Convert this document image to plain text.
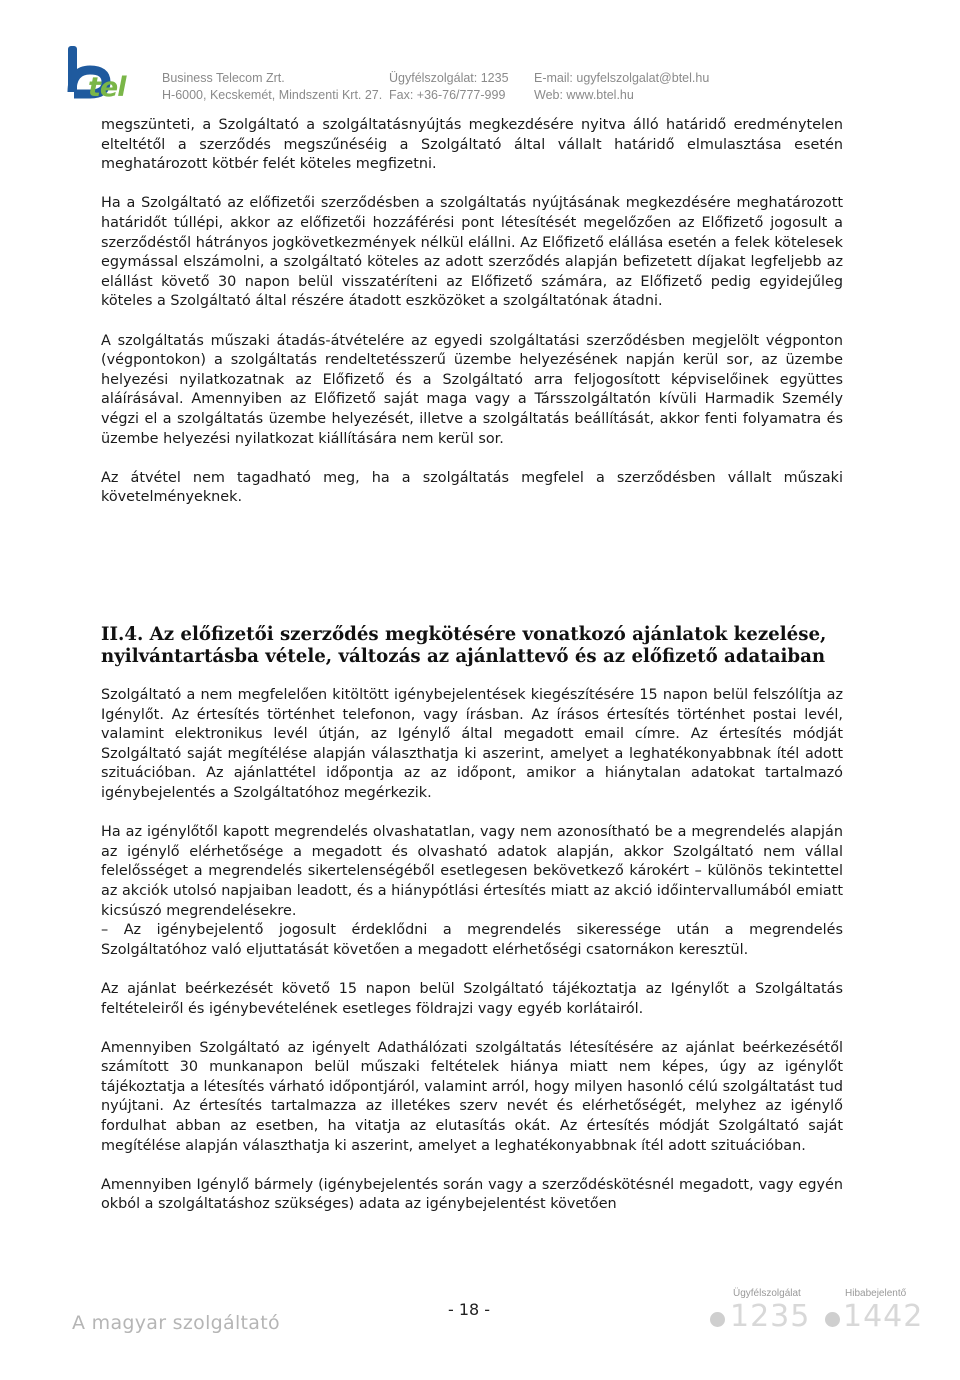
tel	Business Telecom Zrt.
H-6000, Kecskemét, Mindszenti Krt. 27.
Ügyfélszolgálat: 1235
Fax: +36-76/777-999
E-mail: ugyfelszolgalat@btel.hu
Web: www.btel.hu

megszünteti, a Szolgáltató a szolgáltatásnyújtás megkezdésére nyitva álló határidő eredménytelen elteltétől a szerződés megszűnéséig a Szolgáltató által vállalt határidő elmulasztása esetén meghatározott kötbér felét köteles megfizetni.

Ha a Szolgáltató az előfizetői szerződésben a szolgáltatás nyújtásának megkezdésére meghatározott határidőt túllépi, akkor az előfizetői hozzáférési pont létesítését megelőzően az Előfizető jogosult a szerződéstől hátrányos jogkövetkezmények nélkül elállni. Az Előfizető elállása esetén a felek kötelesek egymással elszámolni, a szolgáltató köteles az adott szerződés alapján befizetett díjakat legfeljebb az elállást követő 30 napon belül visszatéríteni az Előfizető számára, az Előfizető pedig egyidejűleg köteles a Szolgáltató által részére átadott eszközöket a szolgáltatónak átadni.

A szolgáltatás műszaki átadás-átvételére az egyedi szolgáltatási szerződésben megjelölt végponton (végpontokon) a szolgáltatás rendeltetésszerű üzembe helyezésének napján kerül sor, az üzembe helyezési nyilatkozatnak az Előfizető és a Szolgáltató arra feljogosított képviselőinek együttes aláírásával. Amennyiben az Előfizető saját maga vagy a Társszolgáltatón kívüli Harmadik Személy végzi el a szolgáltatás üzembe helyezését, illetve a szolgáltatás beállítását, akkor fenti folyamatra és üzembe helyezési nyilatkozat kiállítására nem kerül sor.

Az átvétel nem tagadható meg, ha a szolgáltatás megfelel a szerződésben vállalt műszaki követelményeknek.

II.4. Az előfizetői szerződés megkötésére vonatkozó ajánlatok kezelése, nyilvántartásba vétele, változás az ajánlattevő és az előfizető adataiban

Szolgáltató a nem megfelelően kitöltött igénybejelentések kiegészítésére 15 napon belül felszólítja az Igénylőt. Az értesítés történhet telefonon, vagy írásban. Az írásos értesítés történhet postai levél, valamint elektronikus levél útján, az Igénylő által megadott email címre. Az értesítés módját Szolgáltató saját megítélése alapján választhatja ki aszerint, amelyet a leghatékonyabbnak ítél adott szituációban. Az ajánlattétel időpontja az az időpont, amikor a hiánytalan adatokat tartalmazó igénybejelentés a Szolgáltatóhoz megérkezik.

Ha az igénylőtől kapott megrendelés olvashatatlan, vagy nem azonosítható be a megrendelés alapján az igénylő elérhetősége a megadott és olvasható adatok alapján, akkor Szolgáltató nem vállal felelősséget a megrendelés sikertelenségéből esetlegesen bekövetkező károkért – különös tekintettel az akciók utolsó napjaiban leadott, és a hiánypótlási értesítés miatt az akció időintervallumából emiatt kicsúszó megrendelésekre.

– Az igénybejelentő jogosult érdeklődni a megrendelés sikeressége után a megrendelés Szolgáltatóhoz való eljuttatását követően a megadott elérhetőségi csatornákon keresztül.

Az ajánlat beérkezését követő 15 napon belül Szolgáltató tájékoztatja az Igénylőt a Szolgáltatás feltételeiről és igénybevételének esetleges földrajzi vagy egyéb korlátairól.

Amennyiben Szolgáltató az igényelt Adathálózati szolgáltatás létesítésére az ajánlat beérkezésétől számított 30 munkanapon belül műszaki feltételek hiánya miatt nem képes, úgy az igénylőt tájékoztatja a létesítés várható időpontjáról, valamint arról, hogy milyen hasonló célú szolgáltatást tud nyújtani. Az értesítés tartalmazza az illetékes szerv nevét és elérhetőségét, melyhez az igénylő fordulhat abban az esetben, ha vitatja az elutasítás okát. Az értesítés módját Szolgáltató saját megítélése alapján választhatja ki aszerint, amelyet a leghatékonyabbnak ítél adott szituációban.

Amennyiben Igénylő bármely (igénybejelentés során vagy a szerződéskötésnél megadott, vagy egyén okból a szolgáltatáshoz szükséges) adata az igénybejelentést követően

A magyar szolgáltató
- 18 -
Ügyfélszolgálat
1235
Hibabejelentő
1442
